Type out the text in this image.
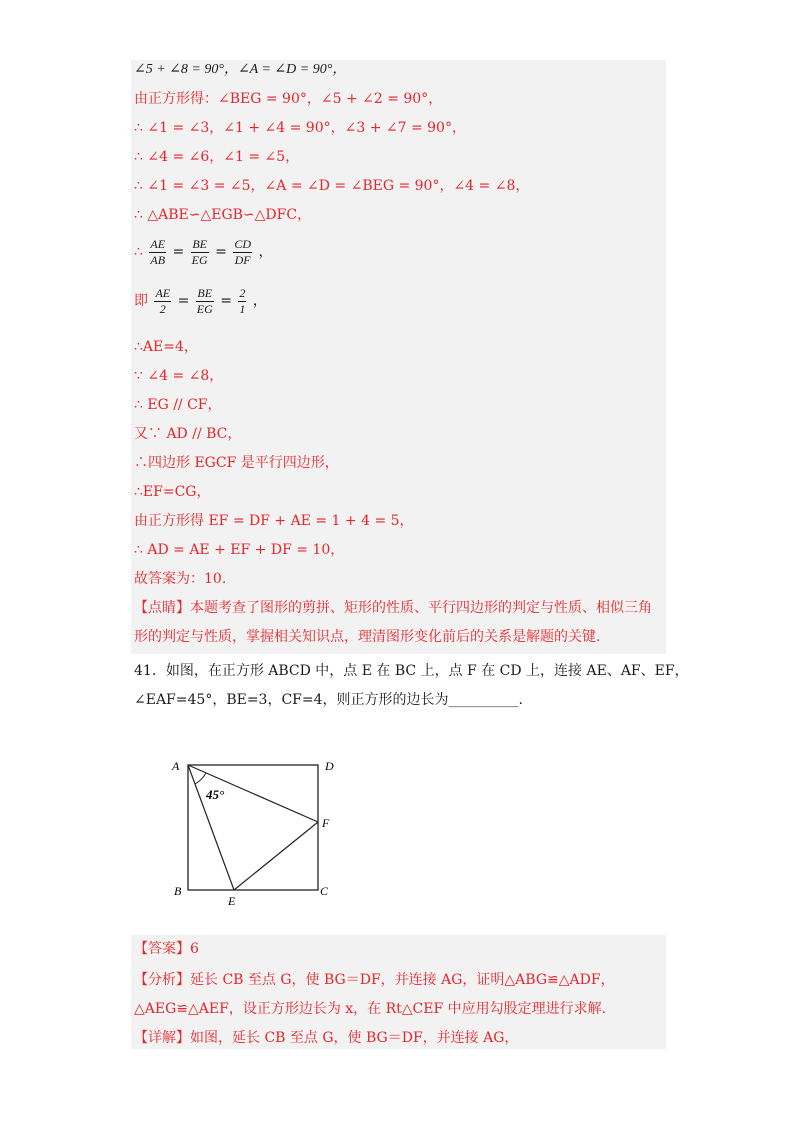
∠5 + ∠8 = 90°，∠A = ∠D = 90°，
由正方形得：∠BEG = 90°，∠5 + ∠2 = 90°，
∴ ∠1 = ∠3，∠1 + ∠4 = 90°，∠3 + ∠7 = 90°，
∴ ∠4 = ∠6，∠1 = ∠5，
∴ ∠1 = ∠3 = ∠5，∠A = ∠D = ∠BEG = 90°，∠4 = ∠8，
∴ △ABE∽△EGB∽△DFC，
∴ $\frac{AE}{AB} = \frac{BE}{EG} = \frac{CD}{DF}$ ，
即 $\frac{AE}{2} = \frac{BE}{EG} = \frac{2}{1}$ ，
∴AE=4，
∵ ∠4 = ∠8，
∴ EG // CF，
又∵ AD // BC，
∴四边形 EGCF 是平行四边形，
∴EF=CG，
由正方形得 EF = DF + AE = 1 + 4 = 5，
∴ AD = AE + EF + DF = 10，
故答案为：10.
【点睛】本题考查了图形的剪拼、矩形的性质、平行四边形的判定与性质、相似三角
形的判定与性质，掌握相关知识点，理清图形变化前后的关系是解题的关键.
41．如图，在正方形 ABCD 中，点 E 在 BC 上，点 F 在 CD 上，连接 AE、AF、EF，
∠EAF=45°，BE=3，CF=4，则正方形的边长为__________.
A	D
F
B	C
E
45°
【答案】6
【分析】延长 CB 至点 G，使 BG＝DF，并连接 AG，证明△ABG≌△ADF，
△AEG≌△AEF，设正方形边长为 x，在 Rt△CEF 中应用勾股定理进行求解.
【详解】如图，延长 CB 至点 G，使 BG＝DF，并连接 AG，
